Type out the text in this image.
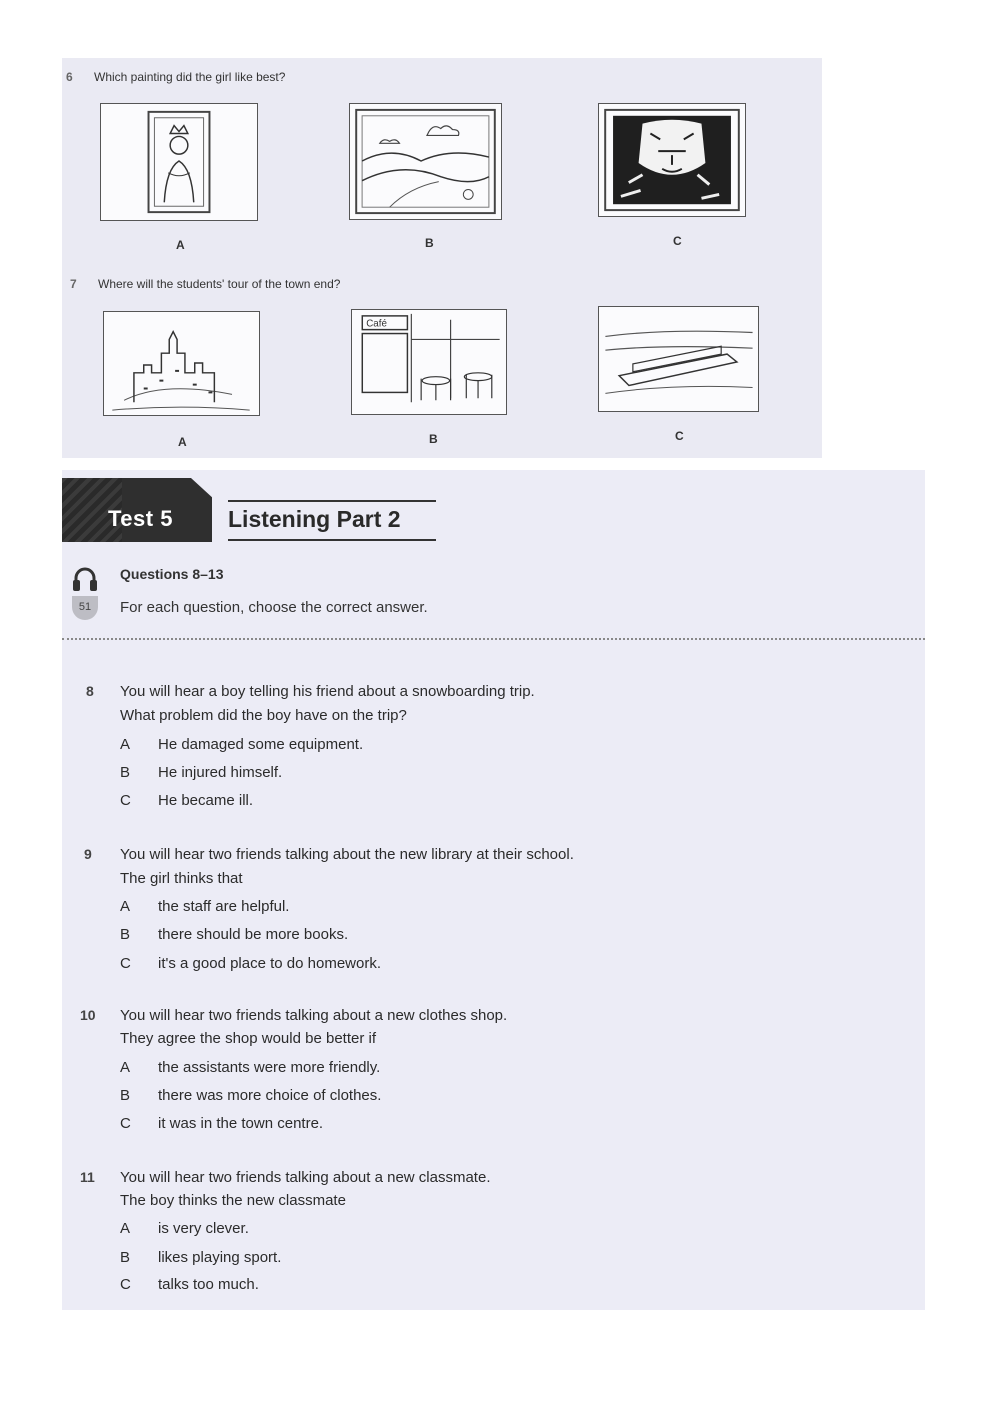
6 Which painting did the girl like best?
A	B	C
7 Where will the students' tour of the town end?
Café
A	B	C
Test 5 Listening Part 2
51
Questions 8–13
For each question, choose the correct answer.
8 You will hear a boy telling his friend about a snowboarding trip.
What problem did the boy have on the trip?
A He damaged some equipment.
B He injured himself.
C He became ill.
9 You will hear two friends talking about the new library at their school.
The girl thinks that
A the staff are helpful.
B there should be more books.
C it's a good place to do homework.
10 You will hear two friends talking about a new clothes shop.
They agree the shop would be better if
A the assistants were more friendly.
B there was more choice of clothes.
C it was in the town centre.
11 You will hear two friends talking about a new classmate.
The boy thinks the new classmate
A is very clever.
B likes playing sport.
C talks too much.
